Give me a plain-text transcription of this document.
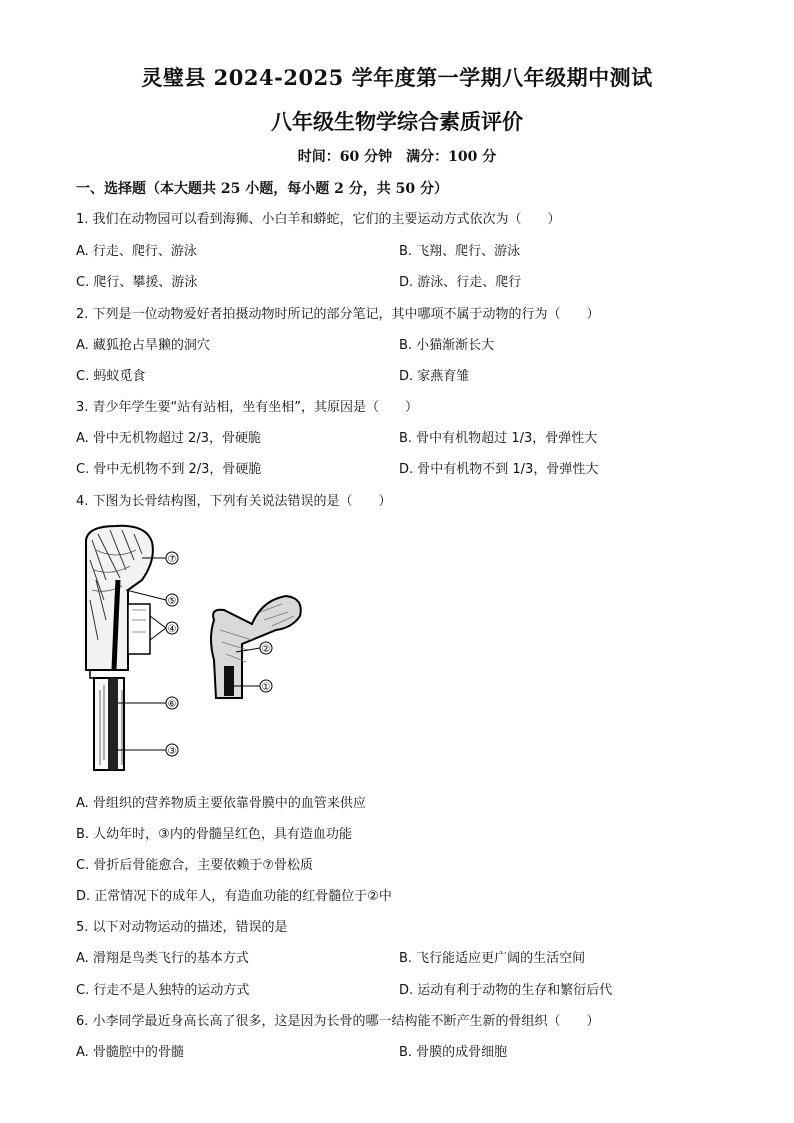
灵璧县 2024-2025 学年度第一学期八年级期中测试
八年级生物学综合素质评价
时间：60 分钟　满分：100 分
一、选择题（本大题共 25 小题，每小题 2 分，共 50 分）
1. 我们在动物园可以看到海狮、小白羊和蟒蛇，它们的主要运动方式依次为（　　）
A. 行走、爬行、游泳	B. 飞翔、爬行、游泳
C. 爬行、攀援、游泳	D. 游泳、行走、爬行
2. 下列是一位动物爱好者拍摄动物时所记的部分笔记，其中哪项不属于动物的行为（　　）
A. 藏狐抢占旱獭的洞穴	B. 小猫渐渐长大
C. 蚂蚁觅食	D. 家燕育雏
3. 青少年学生要“站有站相，坐有坐相”，其原因是（　　）
A. 骨中无机物超过 2/3，骨硬脆	B. 骨中有机物超过 1/3，骨弹性大
C. 骨中无机物不到 2/3，骨硬脆	D. 骨中有机物不到 1/3，骨弹性大
4. 下图为长骨结构图，下列有关说法错误的是（　　）
⑦
⑤
④
⑥
③
②
①
A. 骨组织的营养物质主要依靠骨膜中的血管来供应
B. 人幼年时，③内的骨髓呈红色，具有造血功能
C. 骨折后骨能愈合，主要依赖于⑦骨松质
D. 正常情况下的成年人，有造血功能的红骨髓位于②中
5. 以下对动物运动的描述，错误的是
A. 滑翔是鸟类飞行的基本方式	B. 飞行能适应更广阔的生活空间
C. 行走不是人独特的运动方式	D. 运动有利于动物的生存和繁衍后代
6. 小李同学最近身高长高了很多，这是因为长骨的哪一结构能不断产生新的骨组织（　　）
A. 骨髓腔中的骨髓	B. 骨膜的成骨细胞
